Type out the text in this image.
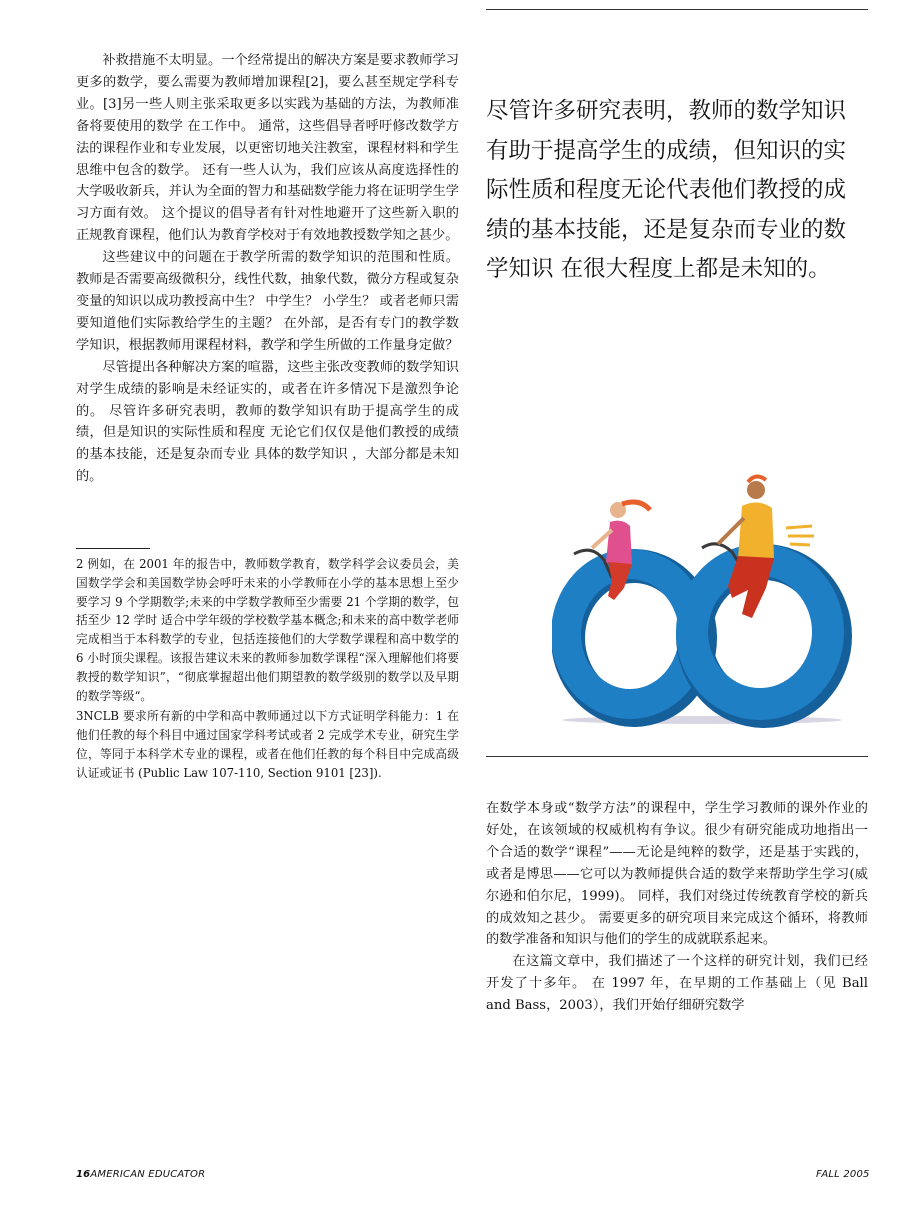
补救措施不太明显。一个经常提出的解决方案是要求教师学习更多的数学，要么需要为教师增加课程[2]，要么甚至规定学科专业。[3]另一些人则主张采取更多以实践为基础的方法，为教师准备将要使用的数学 在工作中。 通常，这些倡导者呼吁修改数学方法的课程作业和专业发展，以更密切地关注教室，课程材料和学生思维中包含的数学。 还有一些人认为，我们应该从高度选择性的大学吸收新兵，并认为全面的智力和基础数学能力将在证明学生学习方面有效。 这个提议的倡导者有针对性地避开了这些新入职的正规教育课程，他们认为教育学校对于有效地教授数学知之甚少。

这些建议中的问题在于教学所需的数学知识的范围和性质。 教师是否需要高级微积分，线性代数，抽象代数，微分方程或复杂变量的知识以成功教授高中生？ 中学生？ 小学生？ 或者老师只需要知道他们实际教给学生的主题？ 在外部，是否有专门的教学数学知识，根据教师用课程材料，教学和学生所做的工作量身定做？

尽管提出各种解决方案的喧嚣，这些主张改变教师的数学知识对学生成绩的影响是未经证实的，或者在许多情况下是激烈争论的。 尽管许多研究表明，教师的数学知识有助于提高学生的成绩，但是知识的实际性质和程度 无论它们仅仅是他们教授的成绩的基本技能，还是复杂而专业 具体的数学知识 ，大部分都是未知的。

2 例如，在 2001 年的报告中，教师数学教育，数学科学会议委员会，美国数学学会和美国数学协会呼吁未来的小学教师在小学的基本思想上至少要学习 9 个学期数学;未来的中学数学教师至少需要 21 个学期的数学，包括至少 12 学时 适合中学年级的学校数学基本概念;和未来的高中数学老师完成相当于本科数学的专业，包括连接他们的大学数学课程和高中数学的 6 小时顶尖课程。该报告建议未来的教师参加数学课程“深入理解他们将要教授的数学知识”，“彻底掌握超出他们期望教的数学级别的数学以及早期的数学等级“。

3NCLB 要求所有新的中学和高中教师通过以下方式证明学科能力：1 在他们任教的每个科目中通过国家学科考试或者 2 完成学术专业，研究生学位，等同于本科学术专业的课程，或者在他们任教的每个科目中完成高级认证或证书 (Public Law 107-110, Section 9101 [23]).

尽管许多研究表明，教师的数学知识有助于提高学生的成绩，但知识的实际性质和程度无论代表他们教授的成绩的基本技能，还是复杂而专业的数学知识 在很大程度上都是未知的。

在数学本身或“数学方法”的课程中，学生学习教师的课外作业的好处，在该领域的权威机构有争议。很少有研究能成功地指出一个合适的数学“课程”——无论是纯粹的数学，还是基于实践的，或者是博思——它可以为教师提供合适的数学来帮助学生学习(威尔逊和伯尔尼，1999)。 同样，我们对绕过传统教育学校的新兵的成效知之甚少。 需要更多的研究项目来完成这个循环，将教师的数学准备和知识与他们的学生的成就联系起来。

在这篇文章中，我们描述了一个这样的研究计划，我们已经开发了十多年。 在 1997 年，在早期的工作基础上（见 Ball and Bass，2003），我们开始仔细研究数学

16AMERICAN EDUCATOR	FALL 2005
